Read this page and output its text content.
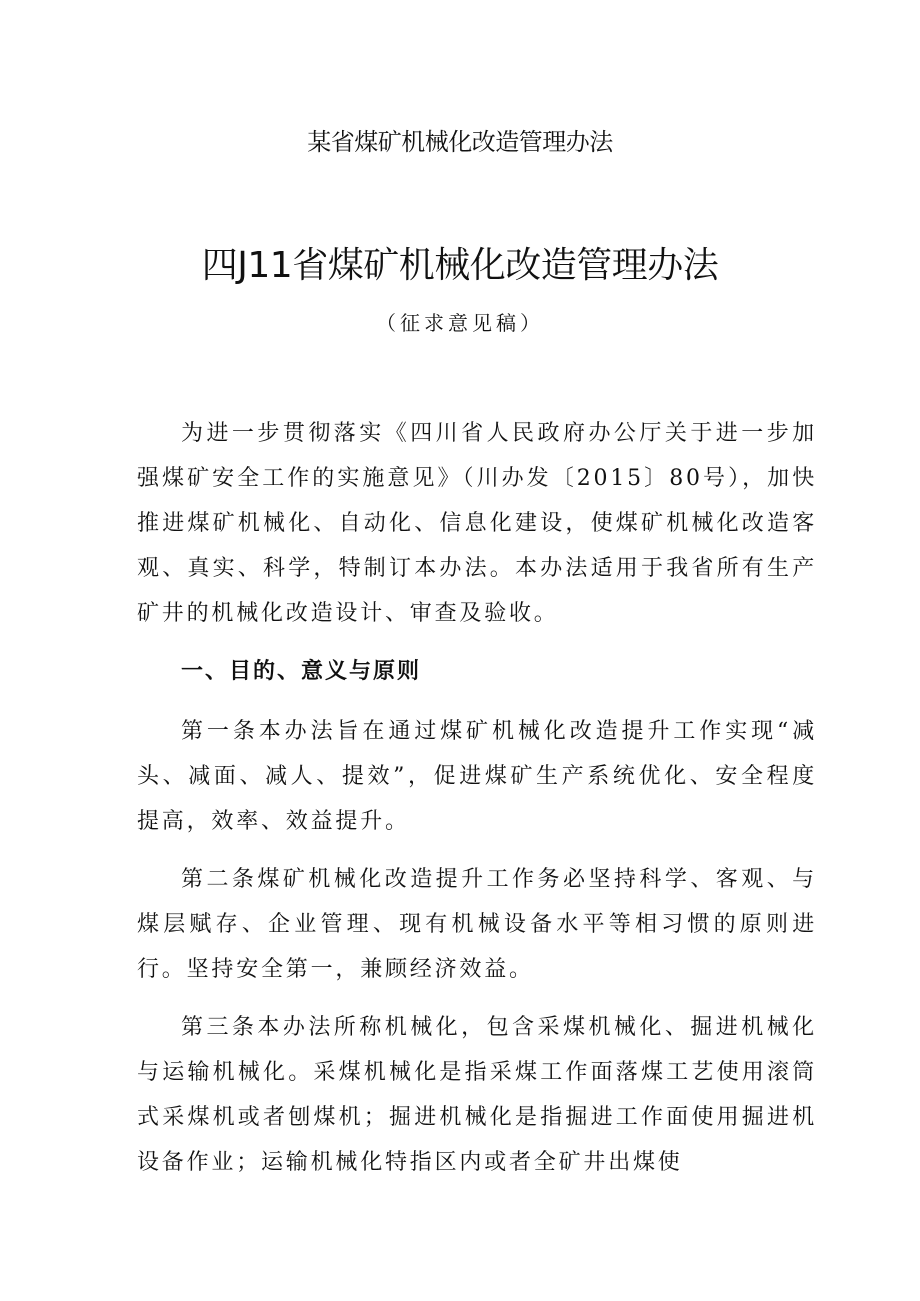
某省煤矿机械化改造管理办法
四J11省煤矿机械化改造管理办法
（征求意见稿）

为进一步贯彻落实《四川省人民政府办公厅关于进一步加强煤矿安全工作的实施意见》（川办发〔2015〕80号），加快推进煤矿机械化、自动化、信息化建设，使煤矿机械化改造客观、真实、科学，特制订本办法。本办法适用于我省所有生产矿井的机械化改造设计、审查及验收。

一、目的、意义与原则

第一条本办法旨在通过煤矿机械化改造提升工作实现“减头、减面、减人、提效”，促进煤矿生产系统优化、安全程度提高，效率、效益提升。

第二条煤矿机械化改造提升工作务必坚持科学、客观、与煤层赋存、企业管理、现有机械设备水平等相习惯的原则进行。坚持安全第一，兼顾经济效益。

第三条本办法所称机械化，包含采煤机械化、掘进机械化与运输机械化。采煤机械化是指采煤工作面落煤工艺使用滚筒式采煤机或者刨煤机；掘进机械化是指掘进工作面使用掘进机设备作业；运输机械化特指区内或者全矿井出煤使
